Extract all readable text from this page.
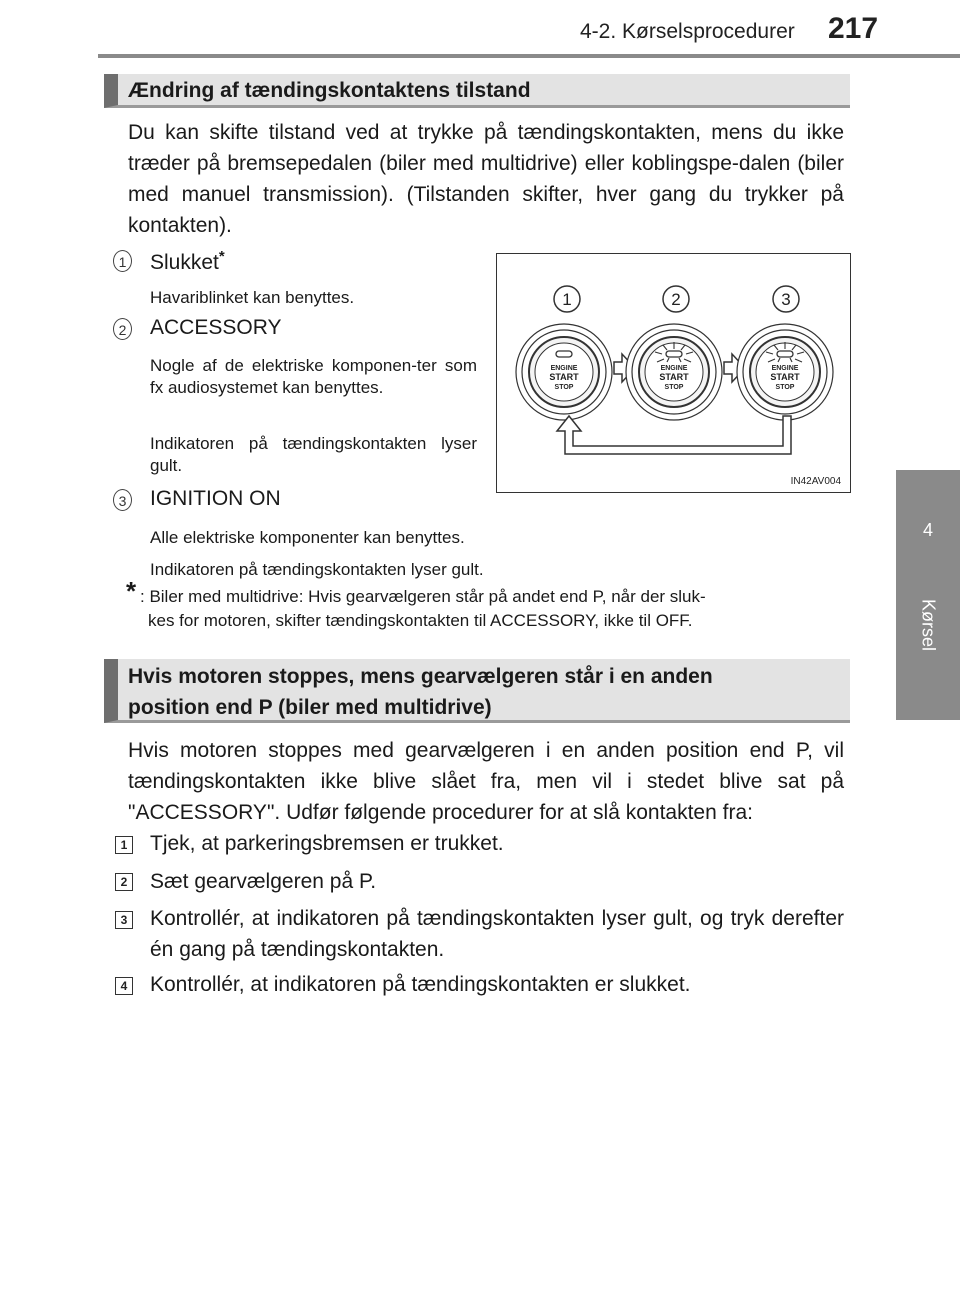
4-2. Kørselsprocedurer 217
4
Kørsel
Ændring af tændingskontaktens tilstand
Du kan skifte tilstand ved at trykke på tændingskontakten, mens du ikke træder på bremsepedalen (biler med multidrive) eller koblingspe-dalen (biler med manuel transmission). (Tilstanden skifter, hver gang du trykker på kontakten).
1 Slukket*
Havariblinket kan benyttes.
2 ACCESSORY
Nogle af de elektriske komponen-ter som fx audiosystemet kan benyttes.
Indikatoren på tændingskontakten lyser gult.
3 IGNITION ON
Alle elektriske komponenter kan benyttes.
Indikatoren på tændingskontakten lyser gult.
* : Biler med multidrive: Hvis gearvælgeren står på andet end P, når der sluk-
kes for motoren, skifter tændingskontakten til ACCESSORY, ikke til OFF.
1	2	3
ENGINE
START
STOP
ENGINE
START
STOP
ENGINE
START
STOP
IN42AV004
Hvis motoren stoppes, mens gearvælgeren står i en anden
position end P (biler med multidrive)
Hvis motoren stoppes med gearvælgeren i en anden position end P, vil tændingskontakten ikke blive slået fra, men vil i stedet blive sat på "ACCESSORY". Udfør følgende procedurer for at slå kontakten fra:
1 Tjek, at parkeringsbremsen er trukket.
2 Sæt gearvælgeren på P.
3 Kontrollér, at indikatoren på tændingskontakten lyser gult, og tryk derefter én gang på tændingskontakten.
4 Kontrollér, at indikatoren på tændingskontakten er slukket.
